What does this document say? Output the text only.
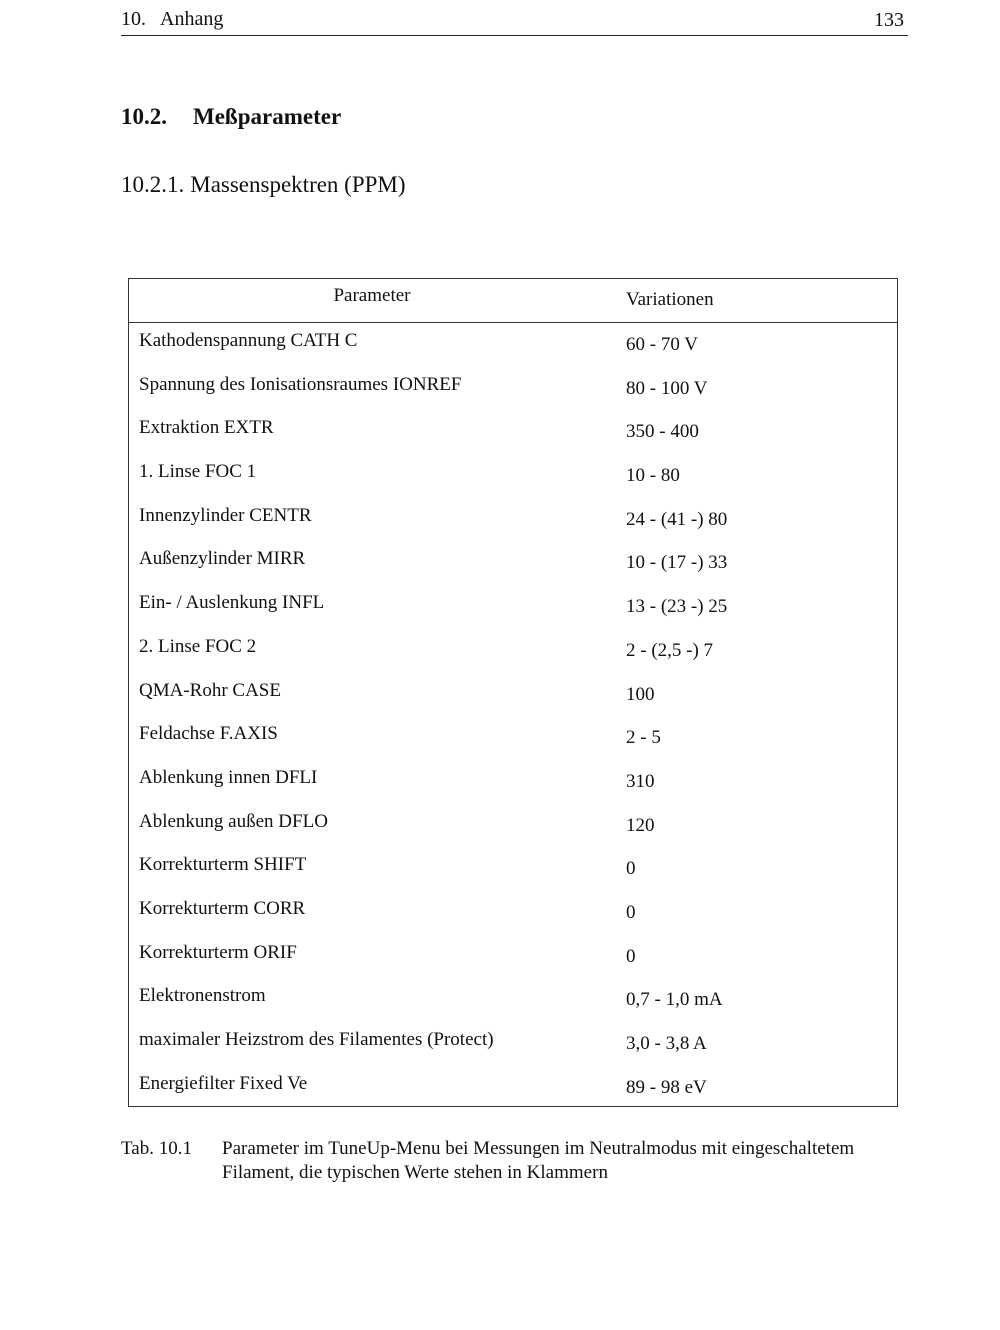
10. Anhang	133
10.2. Meßparameter
10.2.1. Massenspektren (PPM)
Parameter	Variationen
Kathodenspannung CATH C	60 - 70 V
Spannung des Ionisationsraumes IONREF	80 - 100 V
Extraktion EXTR	350 - 400
1. Linse FOC 1	10 - 80
Innenzylinder CENTR	24 - (41 -) 80
Außenzylinder MIRR	10 - (17 -) 33
Ein- / Auslenkung INFL	13 - (23 -) 25
2. Linse FOC 2	2 - (2,5 -) 7
QMA-Rohr CASE	100
Feldachse F.AXIS	2 - 5
Ablenkung innen DFLI	310
Ablenkung außen DFLO	120
Korrekturterm SHIFT	0
Korrekturterm CORR	0
Korrekturterm ORIF	0
Elektronenstrom	0,7 - 1,0 mA
maximaler Heizstrom des Filamentes (Protect)	3,0 - 3,8 A
Energiefilter Fixed Ve	89 - 98 eV
Tab. 10.1 Parameter im TuneUp-Menu bei Messungen im Neutralmodus mit eingeschaltetem Filament, die typischen Werte stehen in Klammern
